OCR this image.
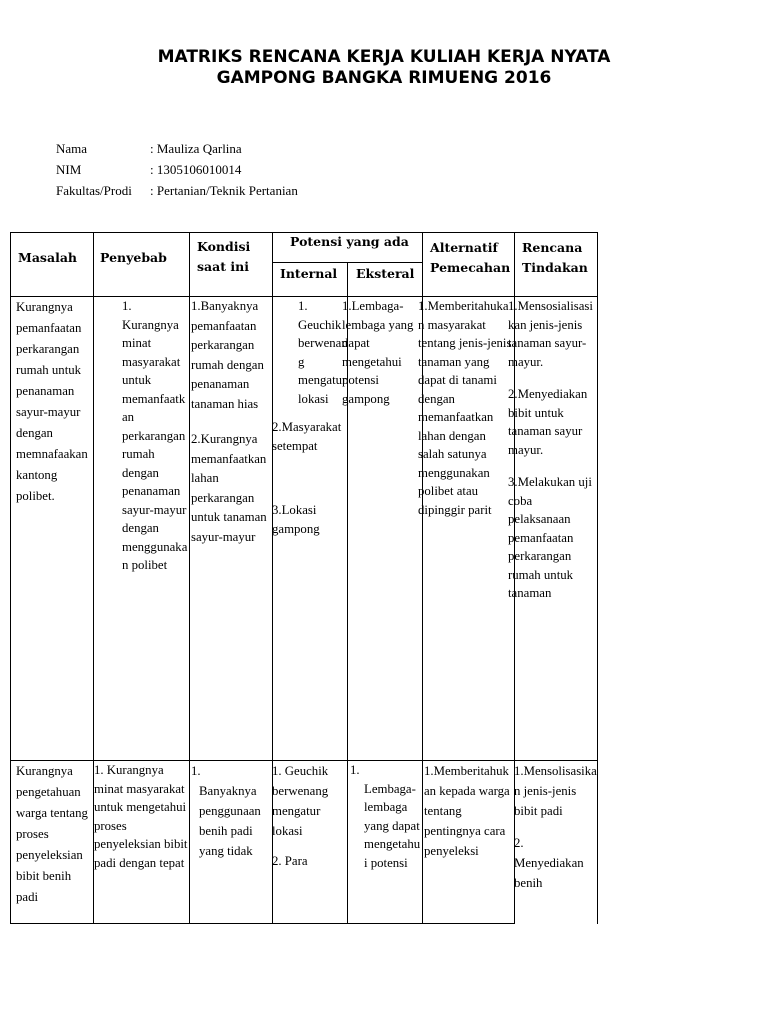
MATRIKS RENCANA KERJA KULIAH KERJA NYATA
GAMPONG BANGKA RIMUENG 2016
Nama	: Mauliza Qarlina
NIM	: 1305106010014
Fakultas/Prodi : Pertanian/Teknik Pertanian
Masalah Penyebab
Kondisi
saat ini
Potensi yang ada
Internal Eksteral
Alternatif
Pemecahan
Rencana
Tindakan

Kurangnya pemanfaatan perkarangan rumah untuk penanaman sayur-mayur dengan memnafaakan kantong polibet.

1. Kurangnya minat masyarakat untuk memanfaatkan perkarangan rumah dengan penanaman sayur-mayur dengan menggunakan polibet

1.Banyaknya pemanfaatan perkarangan rumah dengan penanaman tanaman hias

2.Kurangnya memanfaatkan lahan perkarangan untuk tanaman sayur-mayur

1. Geuchik berwenang mengatur lokasi

2.Masyarakat setempat

3.Lokasi gampong

1.Lembaga-lembaga yang dapat mengetahui potensi gampong

1.Memberitahukan masyarakat tentang jenis-jenis tanaman yang dapat di tanami dengan memanfaatkan lahan dengan salah satunya menggunakan polibet atau dipinggir parit

1.Mensosialisasikan jenis-jenis tanaman sayur-mayur.

2.Menyediakan bibit untuk tanaman sayur mayur.

3.Melakukan uji coba pelaksanaan pemanfaatan perkarangan rumah untuk tanaman

Kurangnya pengetahuan warga tentang proses penyeleksian bibit benih padi

1. Kurangnya minat masyarakat untuk mengetahui proses penyeleksian bibit padi dengan tepat

1.

Banyaknya penggunaan benih padi yang tidak

1. Geuchik berwenang mengatur lokasi

2. Para

1.

Lembaga-lembaga yang dapat mengetahui potensi

1.Memberitahukan kepada warga tentang pentingnya cara penyeleksi

1.Mensolisasikan jenis-jenis bibit padi

2.

Menyediakan benih
